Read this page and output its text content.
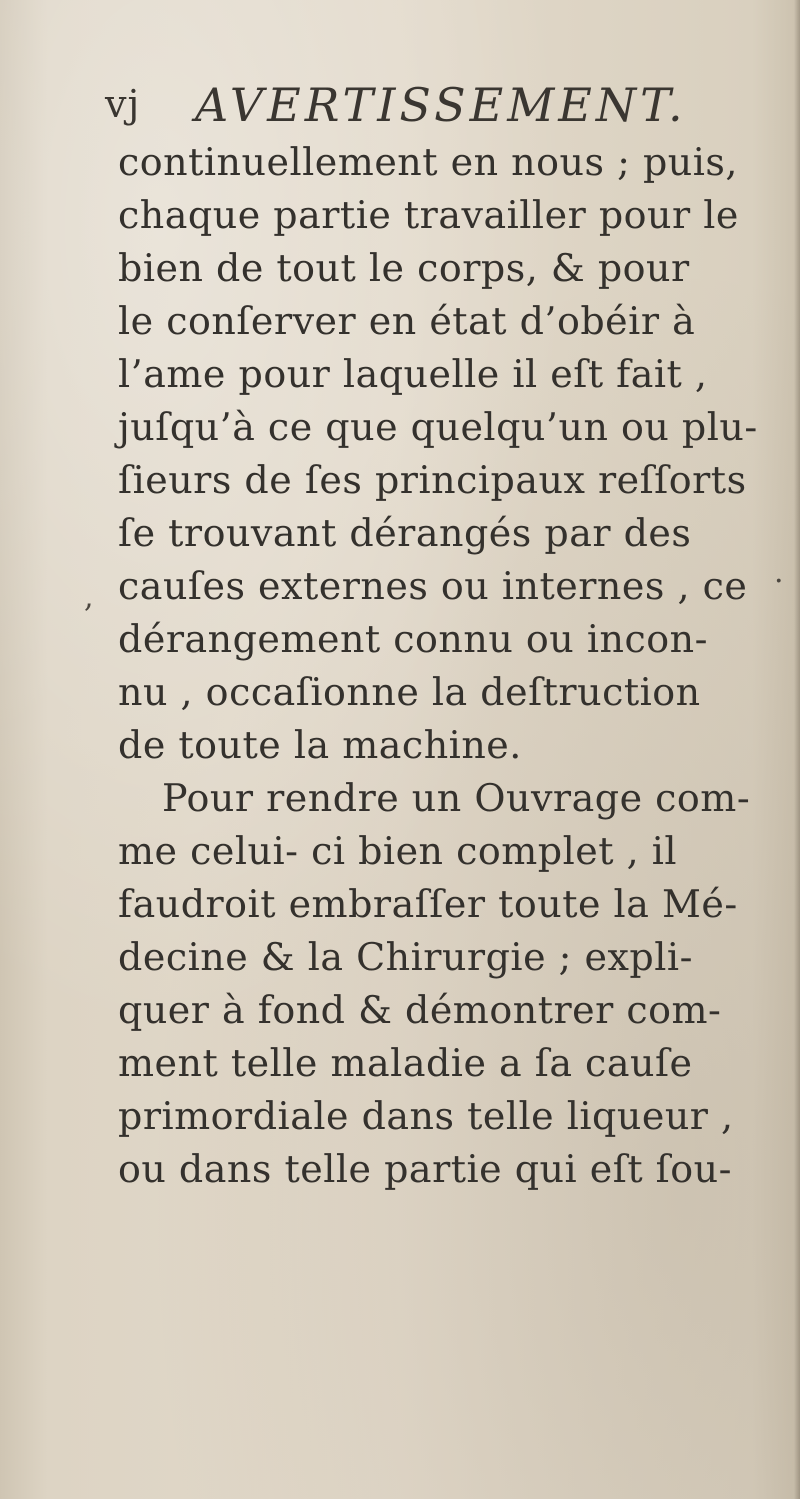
vj AVERTISSEMENT.
continuellement en nous ; puis,
chaque partie travailler pour le
bien de tout le corps, & pour
le conſerver en état d’obéir à
l’ame pour laquelle il eſt fait ,
juſqu’à ce que quelqu’un ou plu-
ſieurs de ſes principaux reſſorts
ſe trouvant dérangés par des
cauſes externes ou internes , ce
dérangement connu ou incon-
nu , occaſionne la deſtruction
de toute la machine.
Pour rendre un Ouvrage com-
me celui- ci bien complet , il
faudroit embraſſer toute la Mé-
decine & la Chirurgie ; expli-
quer à fond & démontrer com-
ment telle maladie a ſa cauſe
primordiale dans telle liqueur ,
ou dans telle partie qui eſt ſou-
,
.
